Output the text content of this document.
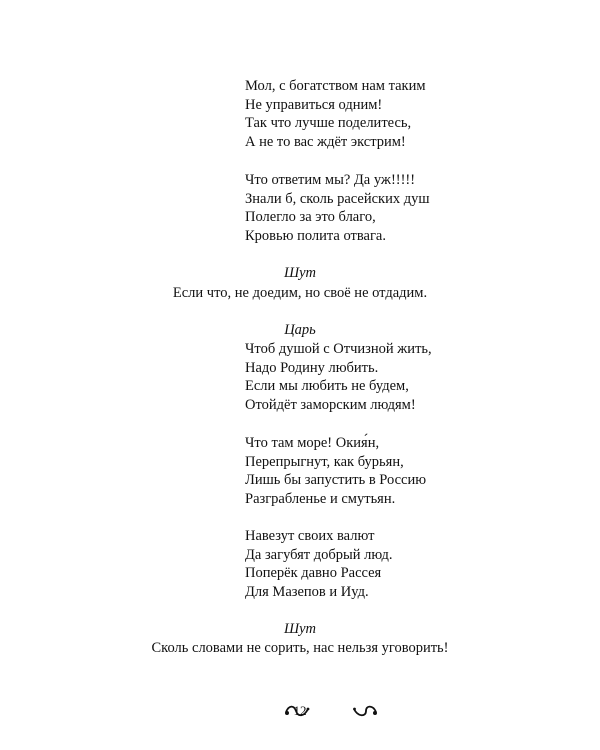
Мол, с богатством нам таким
Не управиться одним!
Так что лучше поделитесь,
А не то вас ждёт экстрим!
Что ответим мы? Да уж!!!!!
Знали б, сколь расейских душ
Полегло за это благо,
Кровью полита отвага.
Шут
Если что, не доедим, но своё не отдадим.
Царь
Чтоб душой с Отчизной жить,
Надо Родину любить.
Если мы любить не будем,
Отойдёт заморским людям!
Что там море! Окия́н,
Перепрыгнут, как бурьян,
Лишь бы запустить в Россию
Разграбленье и смутьян.
Навезут своих валют
Да загубят добрый люд.
Поперёк давно Рассея
Для Мазепов и Иуд.
Шут
Сколь словами не сорить, нас нельзя уговорить!
12
